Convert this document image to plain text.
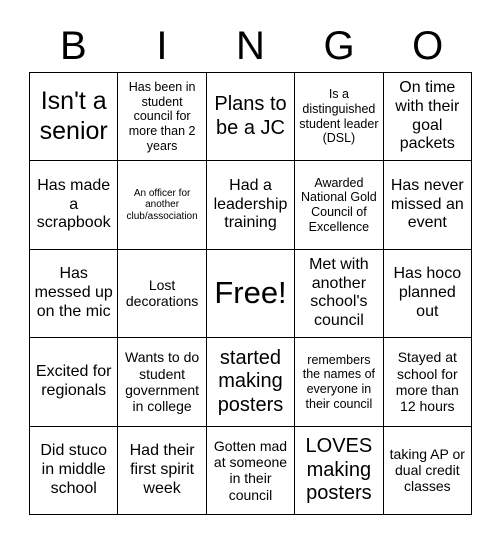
B	I	N	G	O
Isn't a senior
Has been in student council for more than 2 years
Plans to be a JC
Is a distinguished student leader (DSL)
On time with their goal packets
Has made a scrapbook
An officer for another club/association
Had a leadership training
Awarded National Gold Council of Excellence
Has never missed an event
Has messed up on the mic
Lost decorations Free!
Met with another school's council
Has hoco planned out
Excited for regionals
Wants to do student government in college
started making posters
remembers the names of everyone in their council
Stayed at school for more than 12 hours
Did stuco in middle school
Had their first spirit week
Gotten mad at someone in their council
LOVES making posters
taking AP or dual credit classes
